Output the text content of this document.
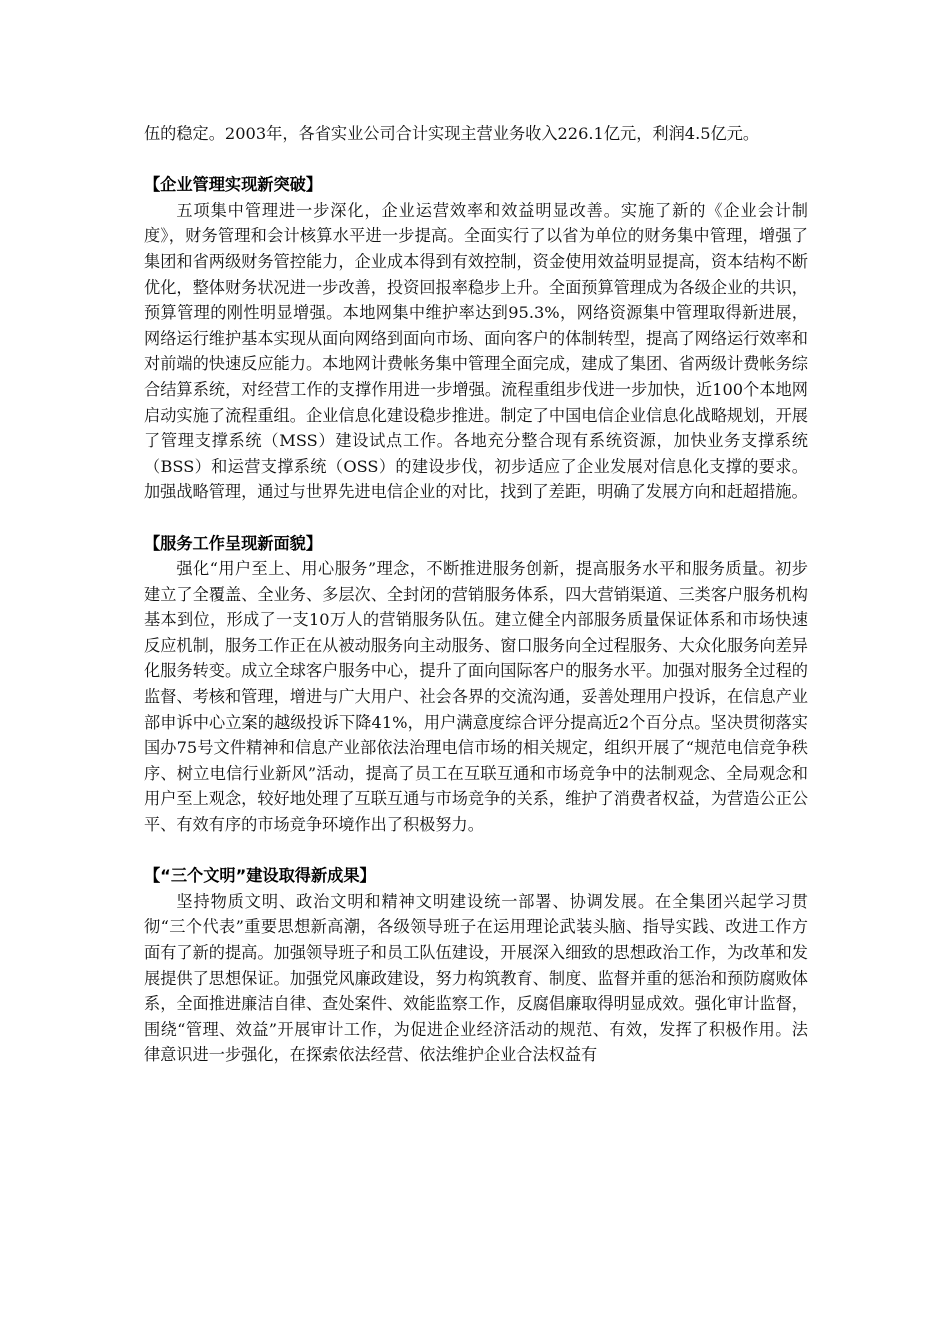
伍的稳定。2003年，各省实业公司合计实现主营业务收入226.1亿元，利润4.5亿元。

【企业管理实现新突破】

五项集中管理进一步深化，企业运营效率和效益明显改善。实施了新的《企业会计制度》，财务管理和会计核算水平进一步提高。全面实行了以省为单位的财务集中管理，增强了集团和省两级财务管控能力，企业成本得到有效控制，资金使用效益明显提高，资本结构不断优化，整体财务状况进一步改善，投资回报率稳步上升。全面预算管理成为各级企业的共识，预算管理的刚性明显增强。本地网集中维护率达到95.3%，网络资源集中管理取得新进展，网络运行维护基本实现从面向网络到面向市场、面向客户的体制转型，提高了网络运行效率和对前端的快速反应能力。本地网计费帐务集中管理全面完成，建成了集团、省两级计费帐务综合结算系统，对经营工作的支撑作用进一步增强。流程重组步伐进一步加快，近100个本地网启动实施了流程重组。企业信息化建设稳步推进。制定了中国电信企业信息化战略规划，开展了管理支撑系统（MSS）建设试点工作。各地充分整合现有系统资源，加快业务支撑系统（BSS）和运营支撑系统（OSS）的建设步伐，初步适应了企业发展对信息化支撑的要求。加强战略管理，通过与世界先进电信企业的对比，找到了差距，明确了发展方向和赶超措施。

【服务工作呈现新面貌】

强化“用户至上、用心服务”理念，不断推进服务创新，提高服务水平和服务质量。初步建立了全覆盖、全业务、多层次、全封闭的营销服务体系，四大营销渠道、三类客户服务机构基本到位，形成了一支10万人的营销服务队伍。建立健全内部服务质量保证体系和市场快速反应机制，服务工作正在从被动服务向主动服务、窗口服务向全过程服务、大众化服务向差异化服务转变。成立全球客户服务中心，提升了面向国际客户的服务水平。加强对服务全过程的监督、考核和管理，增进与广大用户、社会各界的交流沟通，妥善处理用户投诉，在信息产业部申诉中心立案的越级投诉下降41%，用户满意度综合评分提高近2个百分点。坚决贯彻落实国办75号文件精神和信息产业部依法治理电信市场的相关规定，组织开展了“规范电信竞争秩序、树立电信行业新风”活动，提高了员工在互联互通和市场竞争中的法制观念、全局观念和用户至上观念，较好地处理了互联互通与市场竞争的关系，维护了消费者权益，为营造公正公平、有效有序的市场竞争环境作出了积极努力。

【“三个文明”建设取得新成果】

坚持物质文明、政治文明和精神文明建设统一部署、协调发展。在全集团兴起学习贯彻“三个代表”重要思想新高潮，各级领导班子在运用理论武装头脑、指导实践、改进工作方面有了新的提高。加强领导班子和员工队伍建设，开展深入细致的思想政治工作，为改革和发展提供了思想保证。加强党风廉政建设，努力构筑教育、制度、监督并重的惩治和预防腐败体系，全面推进廉洁自律、查处案件、效能监察工作，反腐倡廉取得明显成效。强化审计监督，围绕“管理、效益”开展审计工作，为促进企业经济活动的规范、有效，发挥了积极作用。法律意识进一步强化，在探索依法经营、依法维护企业合法权益有
